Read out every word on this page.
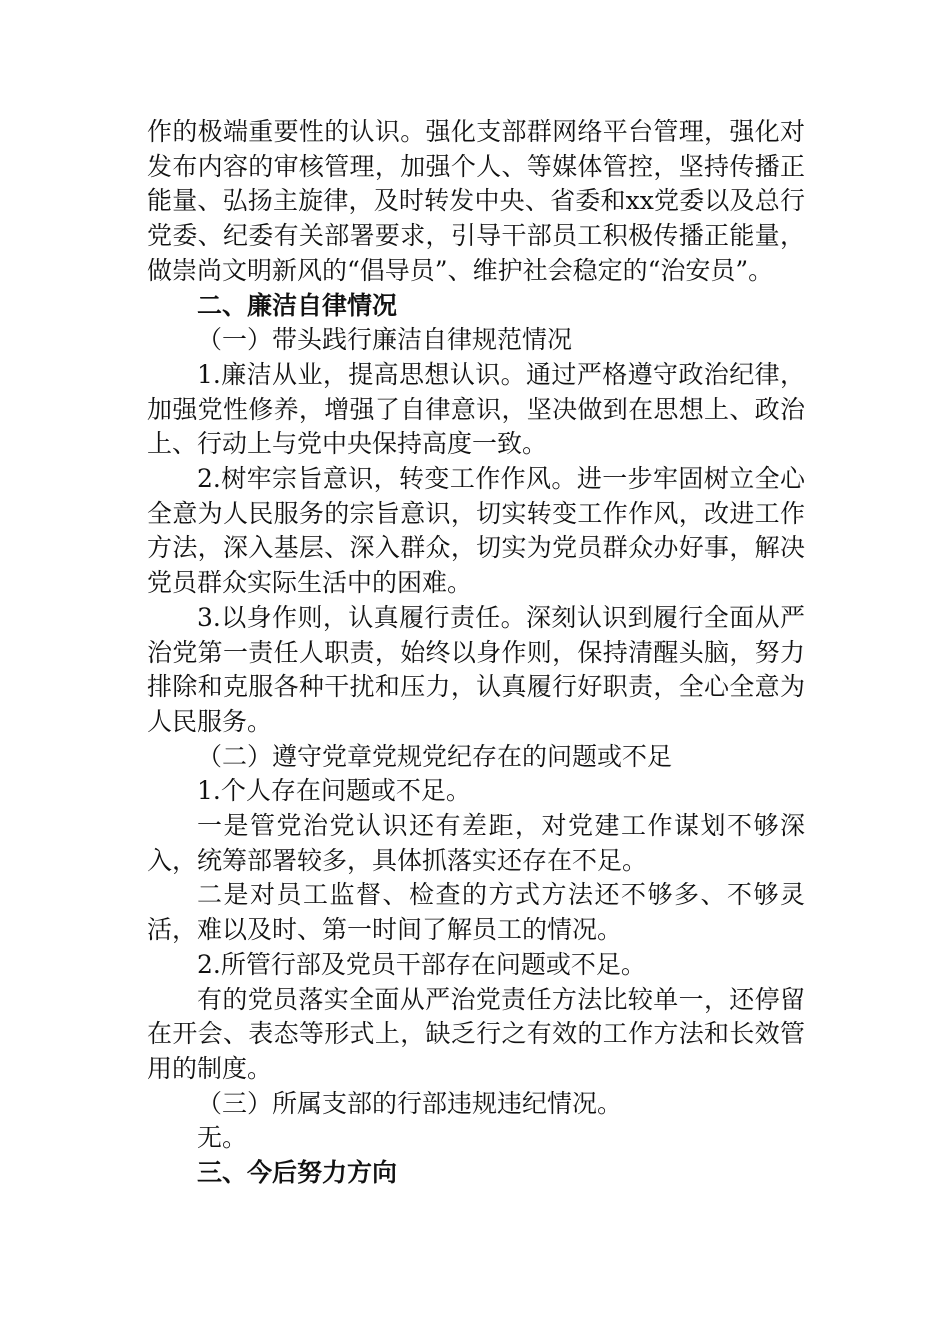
作的极端重要性的认识。强化支部群网络平台管理，强化对发布内容的审核管理，加强个人、等媒体管控，坚持传播正能量、弘扬主旋律，及时转发中央、省委和xx党委以及总行党委、纪委有关部署要求，引导干部员工积极传播正能量，做崇尚文明新风的“倡导员”、维护社会稳定的“治安员”。

二、廉洁自律情况

（一）带头践行廉洁自律规范情况

1.廉洁从业，提高思想认识。通过严格遵守政治纪律，加强党性修养，增强了自律意识，坚决做到在思想上、政治上、行动上与党中央保持高度一致。

2.树牢宗旨意识，转变工作作风。进一步牢固树立全心全意为人民服务的宗旨意识，切实转变工作作风，改进工作方法，深入基层、深入群众，切实为党员群众办好事，解决党员群众实际生活中的困难。

3.以身作则，认真履行责任。深刻认识到履行全面从严治党第一责任人职责，始终以身作则，保持清醒头脑，努力排除和克服各种干扰和压力，认真履行好职责，全心全意为人民服务。

（二）遵守党章党规党纪存在的问题或不足

1.个人存在问题或不足。

一是管党治党认识还有差距，对党建工作谋划不够深入，统筹部署较多，具体抓落实还存在不足。

二是对员工监督、检查的方式方法还不够多、不够灵活，难以及时、第一时间了解员工的情况。

2.所管行部及党员干部存在问题或不足。

有的党员落实全面从严治党责任方法比较单一，还停留在开会、表态等形式上，缺乏行之有效的工作方法和长效管用的制度。

（三）所属支部的行部违规违纪情况。

无。

三、今后努力方向
